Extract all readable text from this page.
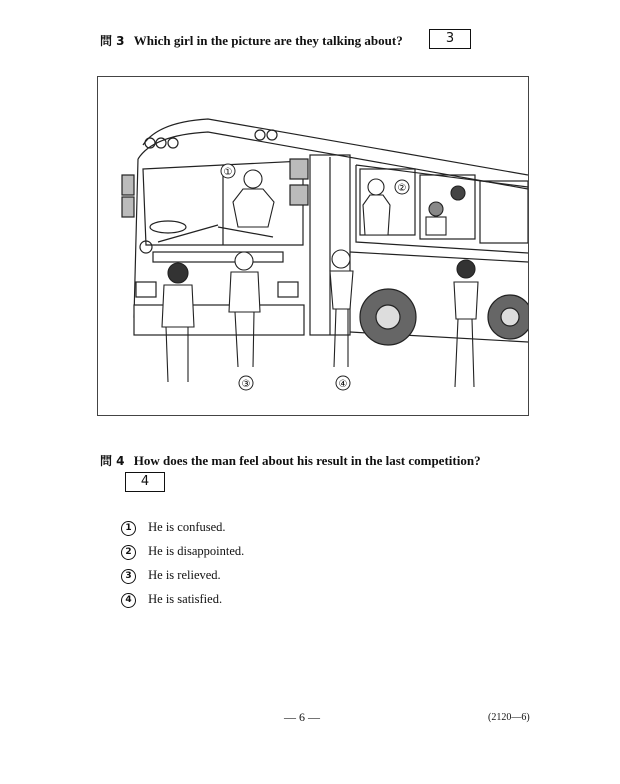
問 3 Which girl in the picture are they talking about?	3
①
②
③	④
問 4 How does the man feel about his result in the last competition?
4
1 He is confused.
2 He is disappointed.
3 He is relieved.
4 He is satisfied.
— 6 —	(2120—6)
